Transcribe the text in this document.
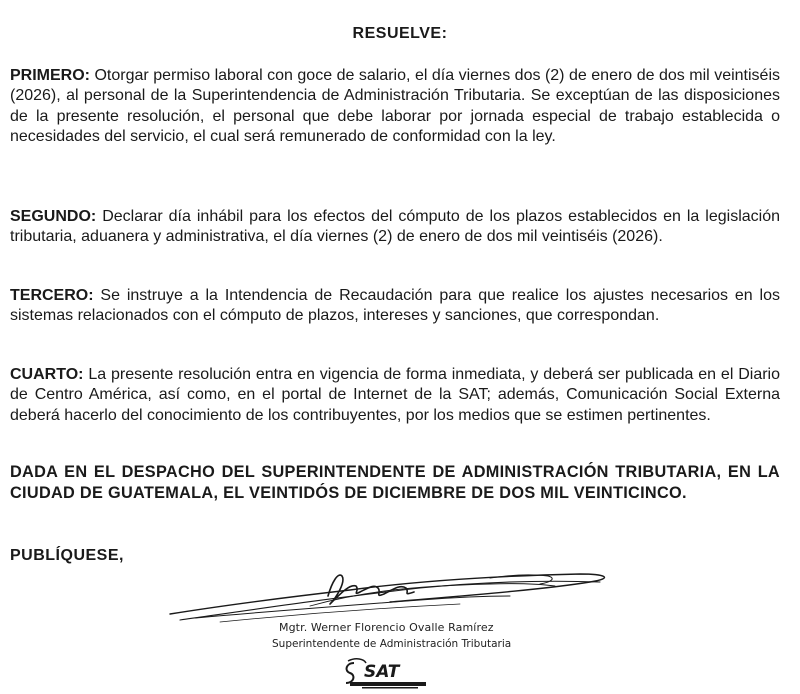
RESUELVE:

PRIMERO: Otorgar permiso laboral con goce de salario, el día viernes dos (2) de enero de dos mil veintiséis (2026), al personal de la Superintendencia de Administración Tributaria. Se exceptúan de las disposiciones de la presente resolución, el personal que debe laborar por jornada especial de trabajo establecida o necesidades del servicio, el cual será remunerado de conformidad con la ley.

SEGUNDO: Declarar día inhábil para los efectos del cómputo de los plazos establecidos en la legislación tributaria, aduanera y administrativa, el día viernes (2) de enero de dos mil veintiséis (2026).

TERCERO: Se instruye a la Intendencia de Recaudación para que realice los ajustes necesarios en los sistemas relacionados con el cómputo de plazos, intereses y sanciones, que correspondan.

CUARTO: La presente resolución entra en vigencia de forma inmediata, y deberá ser publicada en el Diario de Centro América, así como, en el portal de Internet de la SAT; además, Comunicación Social Externa deberá hacerlo del conocimiento de los contribuyentes, por los medios que se estimen pertinentes.

DADA EN EL DESPACHO DEL SUPERINTENDENTE DE ADMINISTRACIÓN TRIBUTARIA, EN LA CIUDAD DE GUATEMALA, EL VEINTIDÓS DE DICIEMBRE DE DOS MIL VEINTICINCO.

PUBLÍQUESE,
Mgtr. Werner Florencio Ovalle Ramírez
Superintendente de Administración Tributaria
SAT
